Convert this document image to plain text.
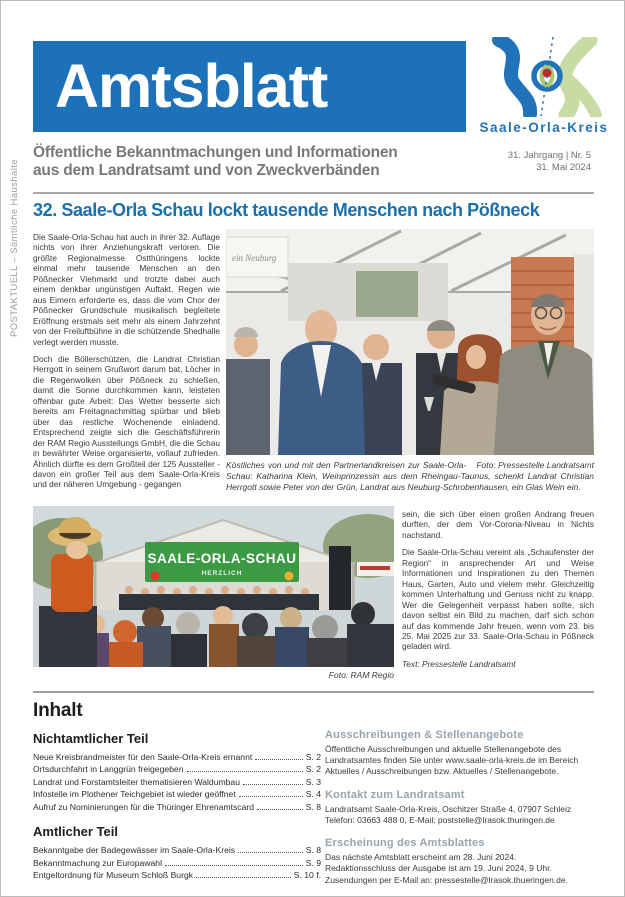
POSTAKTUELL – Sämtliche Haushalte
Amtsblatt
Saale-Orla-Kreis
Öffentliche Bekanntmachungen und Informationen
aus dem Landratsamt und von Zweckverbänden
31. Jahrgang | Nr. 5
31. Mai 2024
32. Saale-Orla Schau lockt tausende Menschen nach Pößneck

Die Saale-Orla-Schau hat auch in ihrer 32. Auflage nichts von ihrer Anziehungskraft verloren. Die größte Regionalmesse Ostthüringens lockte einmal mehr tausende Menschen an den Pößnecker Viehmarkt und trotzte dabei auch einem denkbar ungünstigen Auftakt. Regen wie aus Eimern erforderte es, dass die vom Chor der Pößnecker Grundschule musikalisch begleitete Eröffnung erstmals seit mehr als einem Jahrzehnt von der Freiluftbühne in die schützende Shedhalle verlegt werden musste.

Doch die Böllerschützen, die Landrat Christian Herrgott in seinem Grußwort darum bat, Löcher in die Regenwolken über Pößneck zu schießen, damit die Sonne durchkommen kann, leisteten offenbar gute Arbeit: Das Wetter besserte sich bereits am Freitagnachmittag spürbar und blieb über das restliche Wochenende einladend. Entsprechend zeigte sich die Geschäftsführerin der RAM Regio Ausstellungs GmbH, die die Schau in bewährter Weise organisierte, vollauf zufrieden. Ähnlich dürfte es dem Großteil der 125 Aussteller - davon ein großer Teil aus dem Saale-Orla-Kreis und der näheren Umgebung - gegangen

ein Neuburg
Foto: Pressestelle Landratsamt
Köstliches von und mit den Partnerlandkreisen zur Saale-Orla-Schau: Katharina Klein, Weinprinzessin aus dem Rheingau-Taunus, schenkt Landrat Christian Herrgott sowie Peter von der Grün, Landrat aus Neuburg-Schrobenhausen, ein Glas Wein ein.
SAALE-ORLA-SCHAU
HERZLICH
Foto: RAM Regio

sein, die sich über einen großen Andrang freuen durften, der dem Vor-Corona-Niveau in Nichts nachstand.

Die Saale-Orla-Schau vereint als „Schaufenster der Region“ in ansprechender Art und Weise Informationen und Inspirationen zu den Themen Haus, Garten, Auto und vielem mehr. Gleichzeitig kommen Unterhaltung und Genuss nicht zu knapp. Wer die Gelegenheit verpasst haben sollte, sich davon selbst ein Bild zu machen, darf sich schon auf das kommende Jahr freuen, wenn vom 23. bis 25. Mai 2025 zur 33. Saale-Orla-Schau in Pößneck geladen wird.

Text: Pressestelle Landratsamt

Inhalt
Nichtamtlicher Teil
Neue Kreisbrandmeister für den Saale-Orla-Kreis ernannt	S. 2
Ortsdurchfahrt in Langgrün freigegeben	S. 2
Landrat und Forstamtsleiter thematisieren Waldumbau	S. 3
Infostelle im Plothener Teichgebiet ist wieder geöffnet	S. 4
Aufruf zu Nominierungen für die Thüringer Ehrenamtscard	S. 8
Amtlicher Teil
Bekanntgabe der Badegewässer im Saale-Orla-Kreis	S. 8
Bekanntmachung zur Europawahl	S. 9
Entgeltordnung für Museum Schloß Burgk	S. 10 f.
Ausschreibungen & Stellenangebote
Öffentliche Ausschreibungen und aktuelle Stellenangebote des Landratsamtes finden Sie unter www.saale-orla-kreis.de im Bereich Aktuelles / Ausschreibungen bzw. Aktuelles / Stellenangebote.
Kontakt zum Landratsamt
Landratsamt Saale-Orla-Kreis, Oschitzer Straße 4, 07907 Schleiz
Telefon: 03663 488 0, E-Mail: poststelle@lrasok.thuringen.de
Erscheinung des Amtsblattes
Das nächste Amtsblatt erscheint am 28. Juni 2024.
Redaktionsschluss der Ausgabe ist am 19. Juni 2024, 9 Uhr.
Zusendungen per E-Mail an: pressestelle@lrasok.thueringen.de.
